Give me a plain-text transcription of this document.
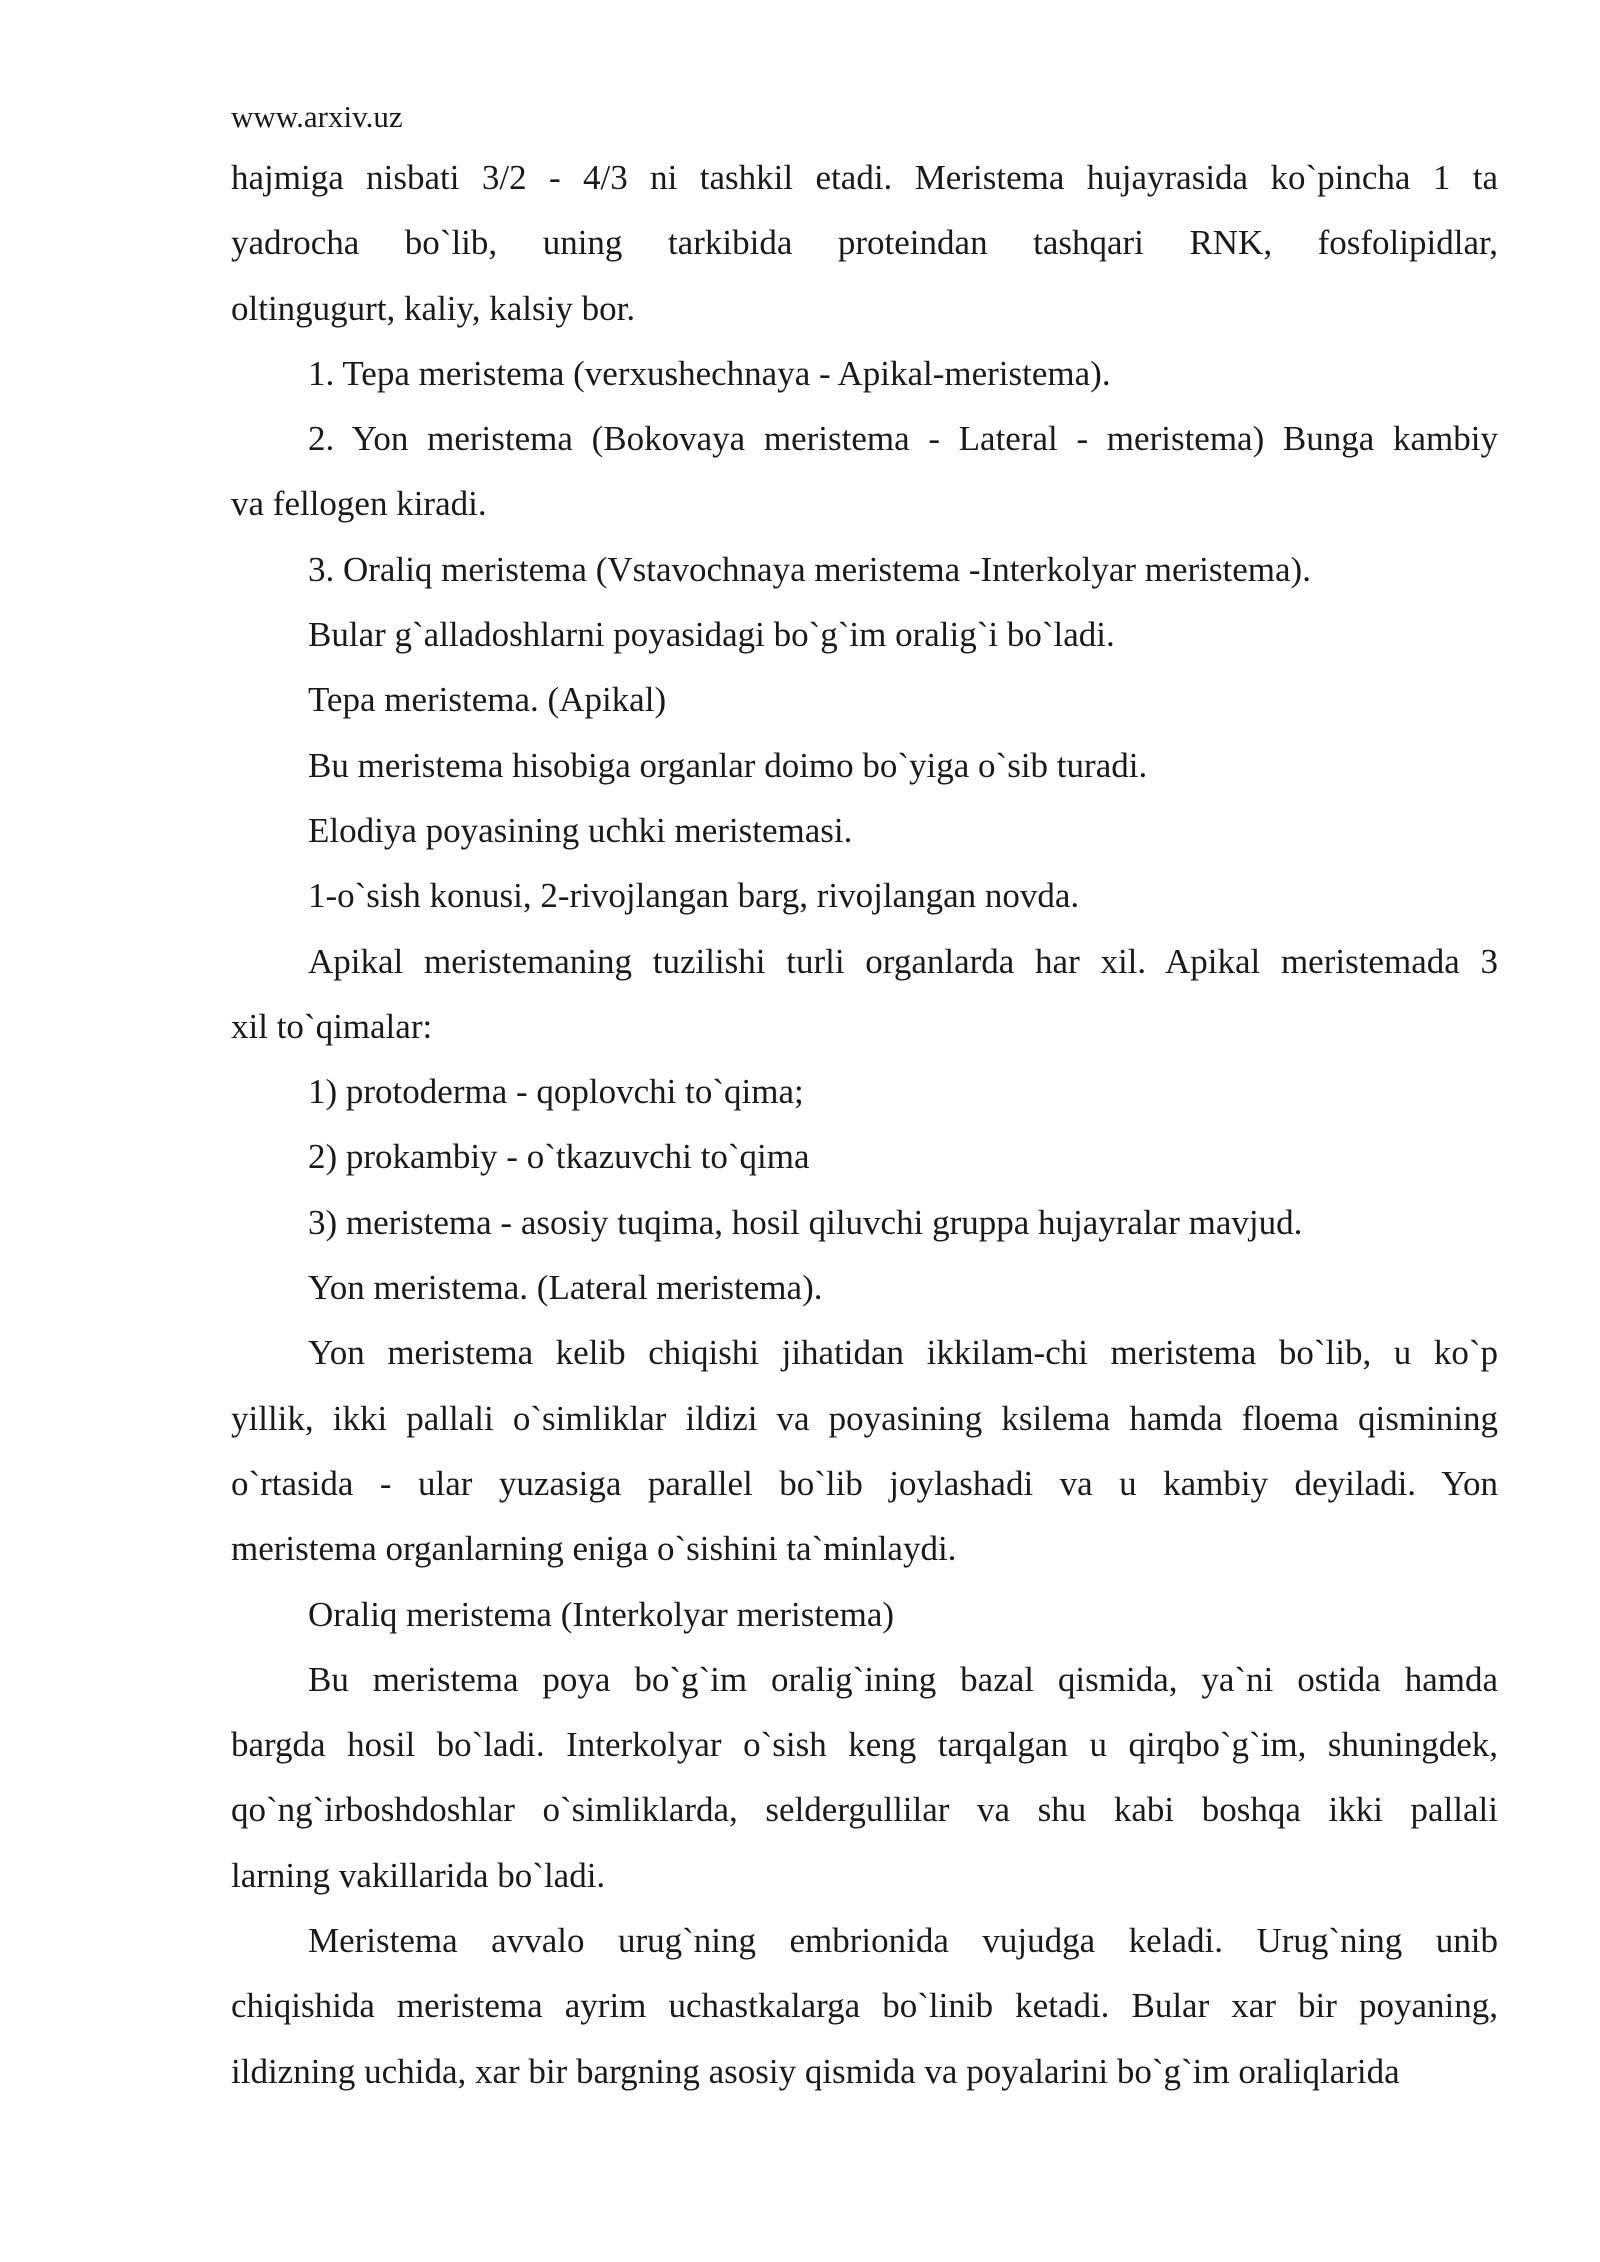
www.arxiv.uz
hajmiga nisbati 3/2 - 4/3 ni tashkil etadi. Meristema hujayrasida ko`pincha 1 ta
yadrocha bo`lib, uning tarkibida proteindan tashqari RNK, fosfolipidlar,
oltingugurt, kaliy, kalsiy bor.
1. Tepa meristema (verxushechnaya - Apikal-meristema).
2. Yon meristema (Bokovaya meristema - Lateral - meristema) Bunga kambiy
va fellogen kiradi.
3. Oraliq meristema (Vstavochnaya meristema -Interkolyar meristema).
Bular g`alladoshlarni poyasidagi bo`g`im oralig`i bo`ladi.
Tepa meristema. (Apikal)
Bu meristema hisobiga organlar doimo bo`yiga o`sib turadi.
Elodiya poyasining uchki meristemasi.
1-o`sish konusi, 2-rivojlangan barg, rivojlangan novda.
Apikal meristemaning tuzilishi turli organlarda har xil. Apikal meristemada 3
xil to`qimalar:
1) protoderma - qoplovchi to`qima;
2) prokambiy - o`tkazuvchi to`qima
3) meristema - asosiy tuqima, hosil qiluvchi gruppa hujayralar mavjud.
Yon meristema. (Lateral meristema).
Yon meristema kelib chiqishi jihatidan ikkilam-chi meristema bo`lib, u ko`p
yillik, ikki pallali o`simliklar ildizi va poyasining ksilema hamda floema qismining
o`rtasida - ular yuzasiga parallel bo`lib joylashadi va u kambiy deyiladi. Yon
meristema organlarning eniga o`sishini ta`minlaydi.
Oraliq meristema (Interkolyar meristema)
Bu meristema poya bo`g`im oralig`ining bazal qismida, ya`ni ostida hamda
bargda hosil bo`ladi. Interkolyar o`sish keng tarqalgan u qirqbo`g`im, shuningdek,
qo`ng`irboshdoshlar o`simliklarda, seldergullilar va shu kabi boshqa ikki pallali
larning vakillarida bo`ladi.
Meristema avvalo urug`ning embrionida vujudga keladi. Urug`ning unib
chiqishida meristema ayrim uchastkalarga bo`linib ketadi. Bular xar bir poyaning,
ildizning uchida, xar bir bargning asosiy qismida va poyalarini bo`g`im oraliqlarida
